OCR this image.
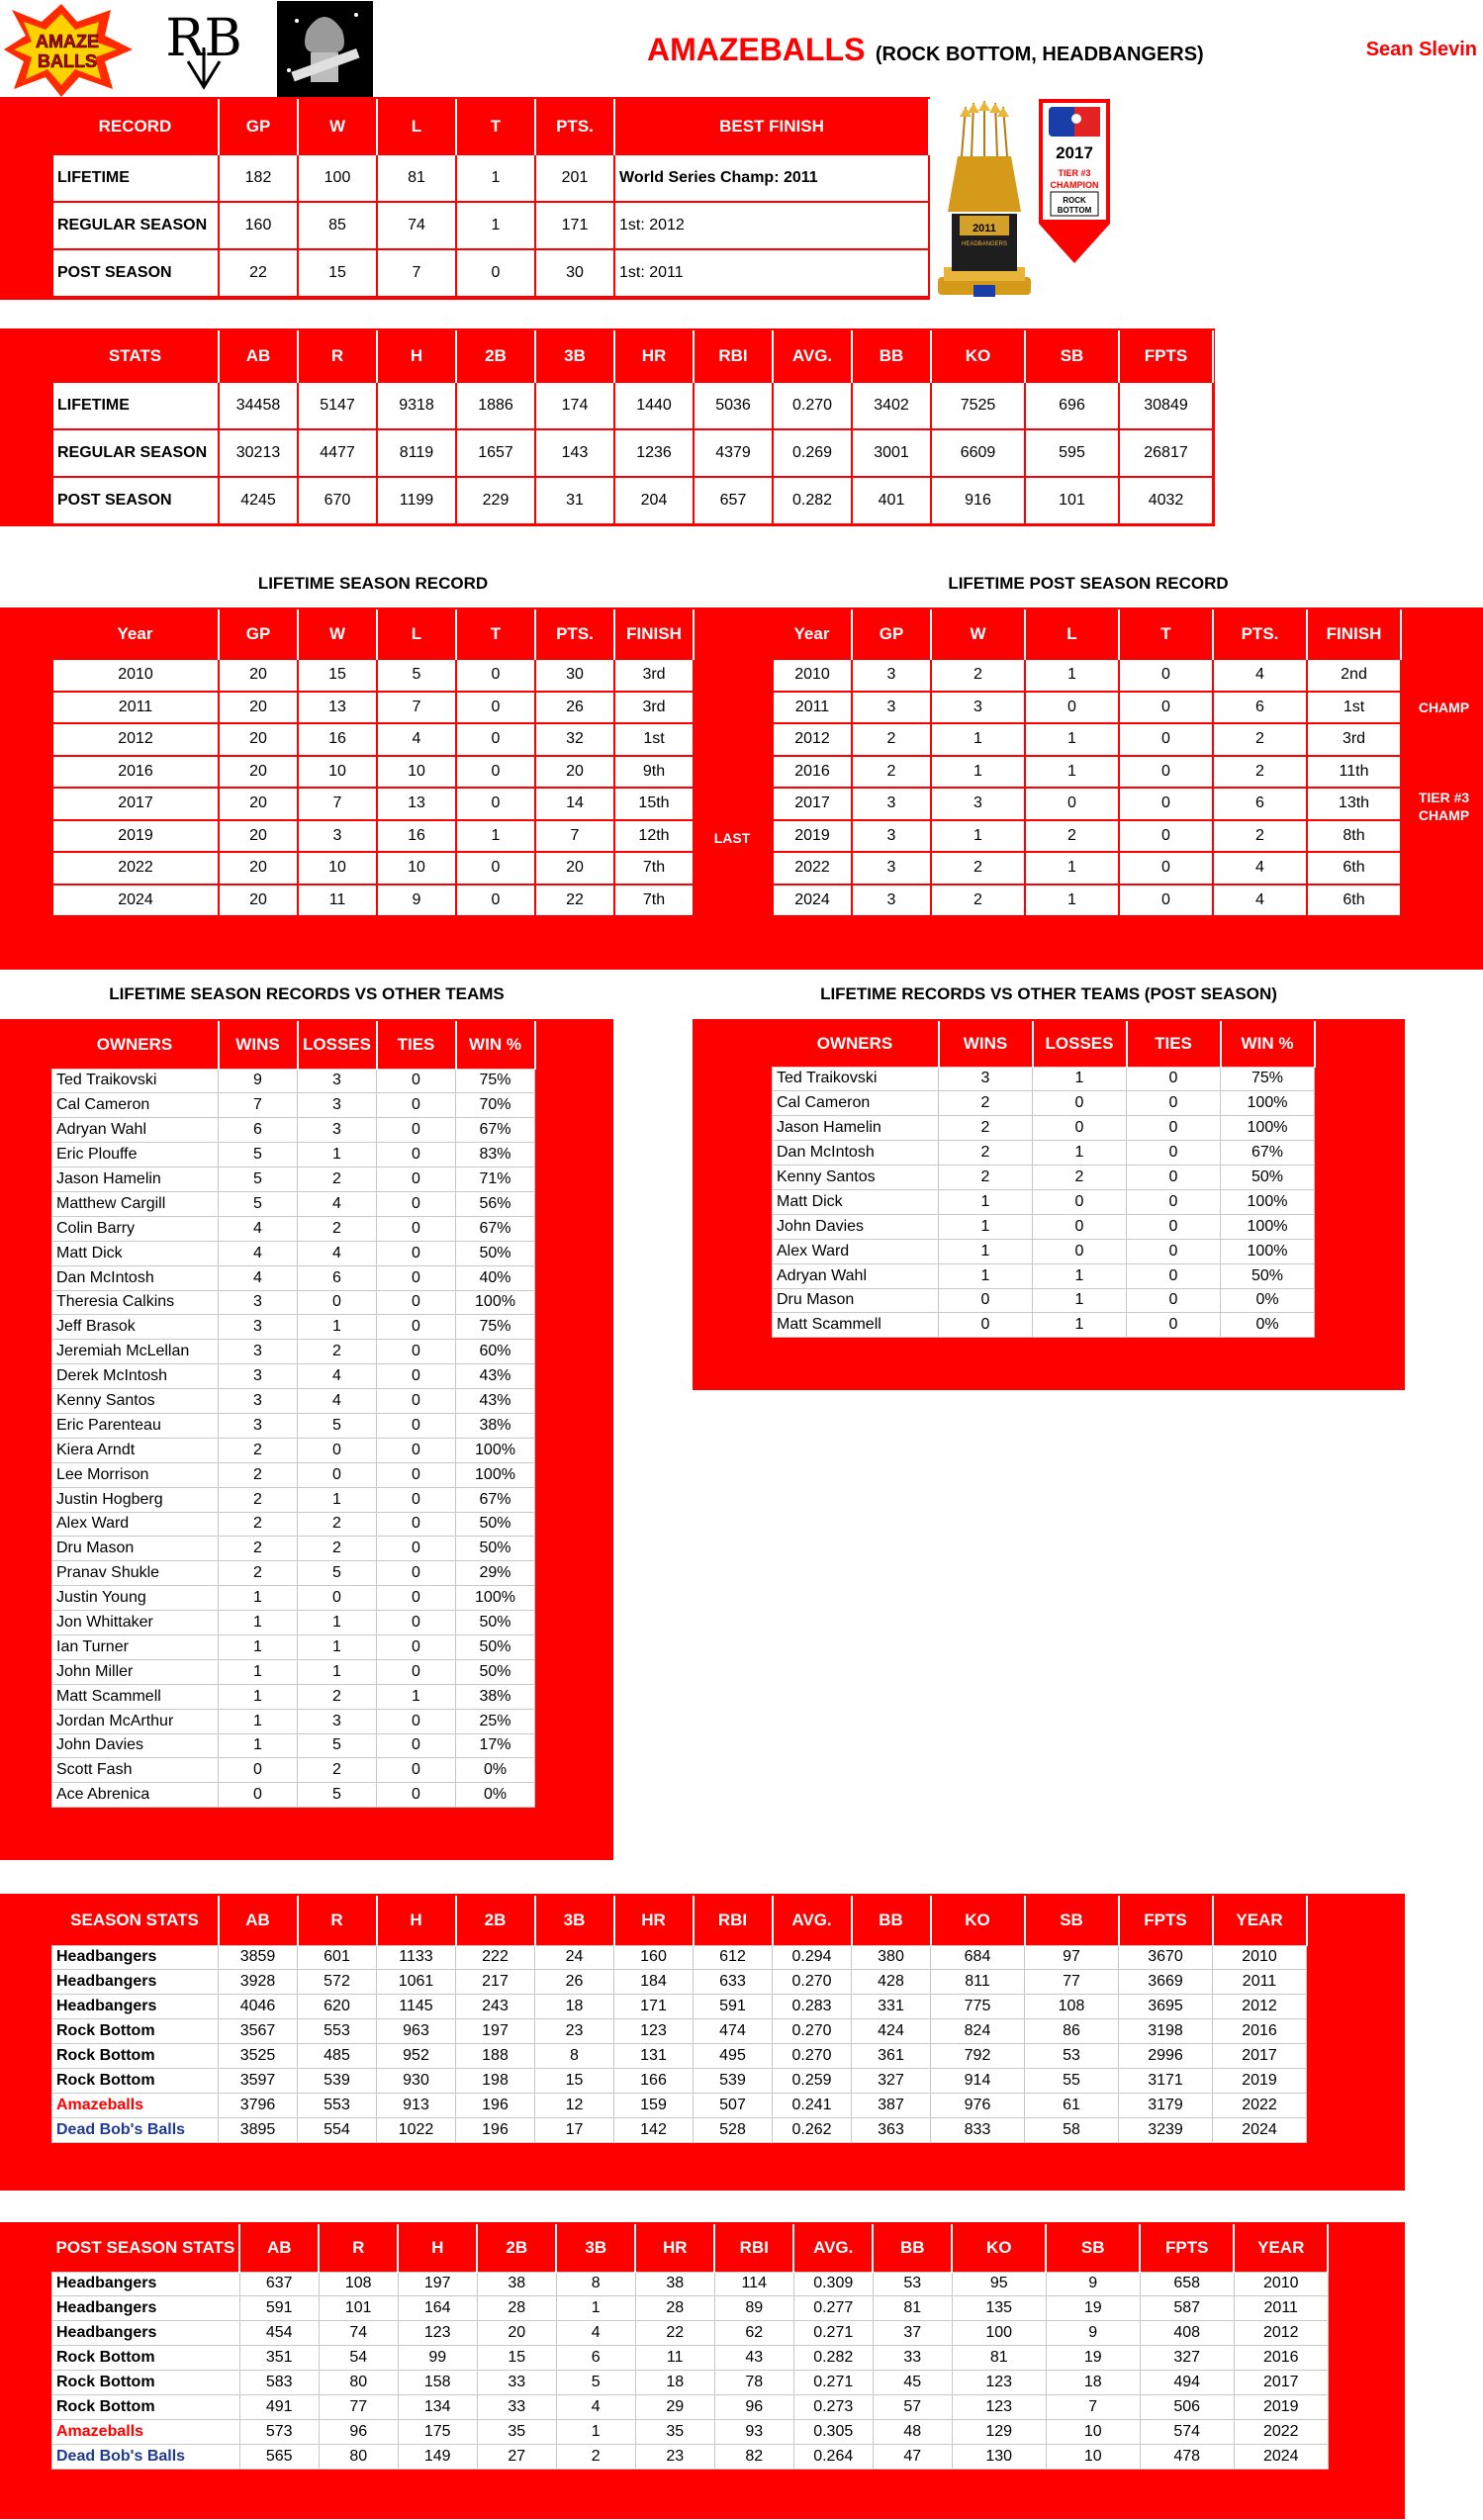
AMAZE
BALLS RB	AMAZEBALLS (ROCK BOTTOM, HEADBANGERS)	Sean Slevin
2011
HEADBANGERS
2017
TIER #3
CHAMPION
ROCK
BOTTOM
RECORD	GP	W	L	T	PTS.	BEST FINISH
LIFETIME	182	100	81	1	201	World Series Champ: 2011
REGULAR SEASON	160	85	74	1	171	1st: 2012
POST SEASON	22	15	7	0	30	1st: 2011
STATS	AB	R	H	2B	3B	HR	RBI	AVG.	BB	KO	SB	FPTS
LIFETIME	34458	5147	9318	1886	174	1440	5036	0.270	3402	7525	696	30849
REGULAR SEASON	30213	4477	8119	1657	143	1236	4379	0.269	3001	6609	595	26817
POST SEASON	4245	670	1199	229	31	204	657	0.282	401	916	101	4032
LIFETIME SEASON RECORD	LIFETIME POST SEASON RECORD
Year	GP	W	L	T	PTS.	FINISH
2010	20	15	5	0	30	3rd
2011	20	13	7	0	26	3rd
2012	20	16	4	0	32	1st
2016	20	10	10	0	20	9th
2017	20	7	13	0	14	15th
2019	20	3	16	1	7	12th
2022	20	10	10	0	20	7th
2024	20	11	9	0	22	7th
Year	GP	W	L	T	PTS.	FINISH
2010	3	2	1	0	4	2nd
2011	3	3	0	0	6	1st
2012	2	1	1	0	2	3rd
2016	2	1	1	0	2	11th
2017	3	3	0	0	6	13th
2019	3	1	2	0	2	8th
2022	3	2	1	0	4	6th
2024	3	2	1	0	4	6th
LAST
CHAMP
TIER #3
CHAMP
LIFETIME SEASON RECORDS VS OTHER TEAMS	LIFETIME RECORDS VS OTHER TEAMS (POST SEASON)
OWNERS	WINS	LOSSES	TIES	WIN %
Ted Traikovski	9	3	0	75%
Cal Cameron	7	3	0	70%
Adryan Wahl	6	3	0	67%
Eric Plouffe	5	1	0	83%
Jason Hamelin	5	2	0	71%
Matthew Cargill	5	4	0	56%
Colin Barry	4	2	0	67%
Matt Dick	4	4	0	50%
Dan McIntosh	4	6	0	40%
Theresia Calkins	3	0	0	100%
Jeff Brasok	3	1	0	75%
Jeremiah McLellan	3	2	0	60%
Derek McIntosh	3	4	0	43%
Kenny Santos	3	4	0	43%
Eric Parenteau	3	5	0	38%
Kiera Arndt	2	0	0	100%
Lee Morrison	2	0	0	100%
Justin Hogberg	2	1	0	67%
Alex Ward	2	2	0	50%
Dru Mason	2	2	0	50%
Pranav Shukle	2	5	0	29%
Justin Young	1	0	0	100%
Jon Whittaker	1	1	0	50%
Ian Turner	1	1	0	50%
John Miller	1	1	0	50%
Matt Scammell	1	2	1	38%
Jordan McArthur	1	3	0	25%
John Davies	1	5	0	17%
Scott Fash	0	2	0	0%
Ace Abrenica	0	5	0	0%
OWNERS	WINS	LOSSES	TIES	WIN %
Ted Traikovski	3	1	0	75%
Cal Cameron	2	0	0	100%
Jason Hamelin	2	0	0	100%
Dan McIntosh	2	1	0	67%
Kenny Santos	2	2	0	50%
Matt Dick	1	0	0	100%
John Davies	1	0	0	100%
Alex Ward	1	0	0	100%
Adryan Wahl	1	1	0	50%
Dru Mason	0	1	0	0%
Matt Scammell	0	1	0	0%
SEASON STATS	AB	R	H	2B	3B	HR	RBI	AVG.	BB	KO	SB	FPTS	YEAR
Headbangers	3859	601	1133	222	24	160	612	0.294	380	684	97	3670	2010
Headbangers	3928	572	1061	217	26	184	633	0.270	428	811	77	3669	2011
Headbangers	4046	620	1145	243	18	171	591	0.283	331	775	108	3695	2012
Rock Bottom	3567	553	963	197	23	123	474	0.270	424	824	86	3198	2016
Rock Bottom	3525	485	952	188	8	131	495	0.270	361	792	53	2996	2017
Rock Bottom	3597	539	930	198	15	166	539	0.259	327	914	55	3171	2019
Amazeballs	3796	553	913	196	12	159	507	0.241	387	976	61	3179	2022
Dead Bob's Balls	3895	554	1022	196	17	142	528	0.262	363	833	58	3239	2024
POST SEASON STATS	AB	R	H	2B	3B	HR	RBI	AVG.	BB	KO	SB	FPTS	YEAR
Headbangers	637	108	197	38	8	38	114	0.309	53	95	9	658	2010
Headbangers	591	101	164	28	1	28	89	0.277	81	135	19	587	2011
Headbangers	454	74	123	20	4	22	62	0.271	37	100	9	408	2012
Rock Bottom	351	54	99	15	6	11	43	0.282	33	81	19	327	2016
Rock Bottom	583	80	158	33	5	18	78	0.271	45	123	18	494	2017
Rock Bottom	491	77	134	33	4	29	96	0.273	57	123	7	506	2019
Amazeballs	573	96	175	35	1	35	93	0.305	48	129	10	574	2022
Dead Bob's Balls	565	80	149	27	2	23	82	0.264	47	130	10	478	2024
